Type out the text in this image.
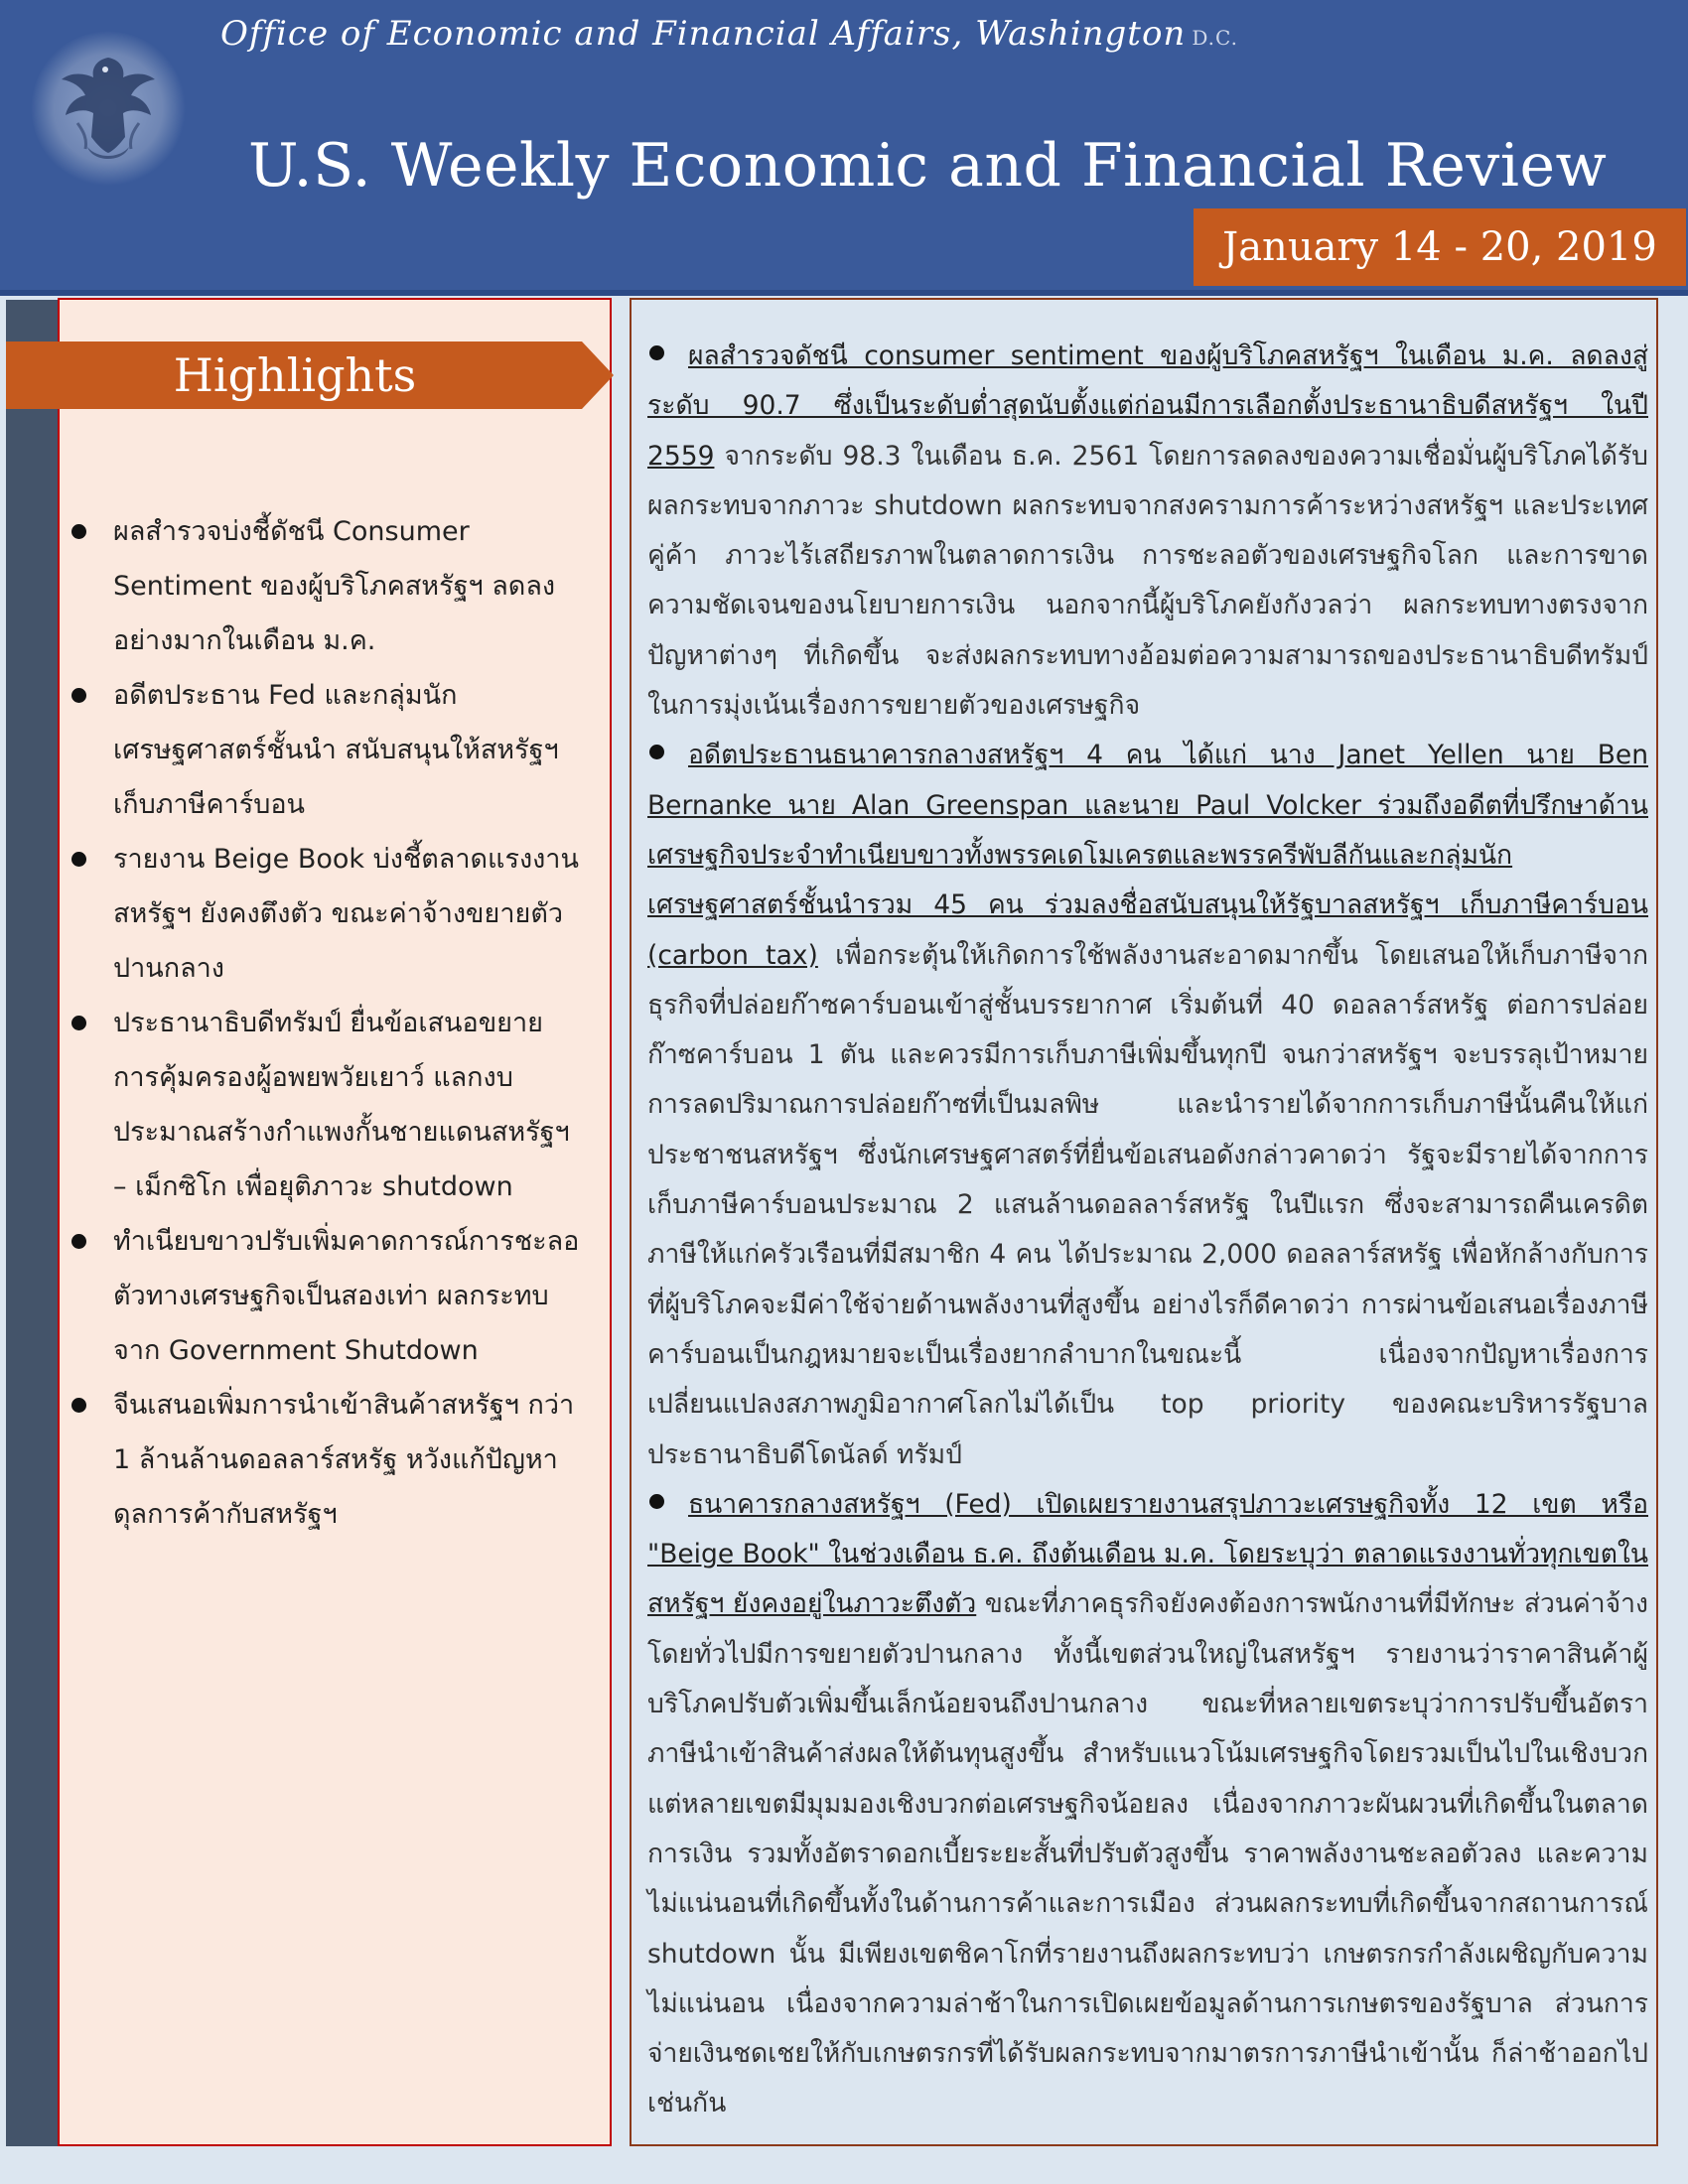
Office of Economic and Financial Affairs, Washington D.C.
U.S. Weekly Economic and Financial Review
January 14 - 20, 2019
Highlights
ผลสำรวจบ่งชี้ดัชนี Consumer Sentiment ของผู้บริโภคสหรัฐฯ ลดลงอย่างมากในเดือน ม.ค.
อดีตประธาน Fed และกลุ่มนักเศรษฐศาสตร์ชั้นนำ สนับสนุนให้สหรัฐฯ เก็บภาษีคาร์บอน
รายงาน Beige Book บ่งชี้ตลาดแรงงานสหรัฐฯ ยังคงตึงตัว ขณะค่าจ้างขยายตัวปานกลาง
ประธานาธิบดีทรัมป์ ยื่นข้อเสนอขยายการคุ้มครองผู้อพยพวัยเยาว์ แลกงบประมาณสร้างกำแพงกั้นชายแดนสหรัฐฯ – เม็กซิโก เพื่อยุติภาวะ shutdown
ทำเนียบขาวปรับเพิ่มคาดการณ์การชะลอตัวทางเศรษฐกิจเป็นสองเท่า ผลกระทบจาก Government Shutdown
จีนเสนอเพิ่มการนำเข้าสินค้าสหรัฐฯ กว่า 1 ล้านล้านดอลลาร์สหรัฐ หวังแก้ปัญหาดุลการค้ากับสหรัฐฯ

ผลสำรวจดัชนี consumer sentiment ของผู้บริโภคสหรัฐฯ ในเดือน ม.ค. ลดลงสู่ระดับ 90.7 ซึ่งเป็นระดับต่ำสุดนับตั้งแต่ก่อนมีการเลือกตั้งประธานาธิบดีสหรัฐฯ ในปี 2559 จากระดับ 98.3 ในเดือน ธ.ค. 2561 โดยการลดลงของความเชื่อมั่นผู้บริโภคได้รับผลกระทบจากภาวะ shutdown ผลกระทบจากสงครามการค้าระหว่างสหรัฐฯ และประเทศคู่ค้า ภาวะไร้เสถียรภาพในตลาดการเงิน การชะลอตัวของเศรษฐกิจโลก และการขาดความชัดเจนของนโยบายการเงิน นอกจากนี้ผู้บริโภคยังกังวลว่า ผลกระทบทางตรงจากปัญหาต่างๆ ที่เกิดขึ้น จะส่งผลกระทบทางอ้อมต่อความสามารถของประธานาธิบดีทรัมป์ ในการมุ่งเน้นเรื่องการขยายตัวของเศรษฐกิจ

อดีตประธานธนาคารกลางสหรัฐฯ 4 คน ได้แก่ นาง Janet Yellen นาย Ben Bernanke นาย Alan Greenspan และนาย Paul Volcker ร่วมถึงอดีตที่ปรึกษาด้านเศรษฐกิจประจำทำเนียบขาวทั้งพรรคเดโมเครตและพรรครีพับลีกันและกลุ่มนักเศรษฐศาสตร์ชั้นนำรวม 45 คน ร่วมลงชื่อสนับสนุนให้รัฐบาลสหรัฐฯ เก็บภาษีคาร์บอน (carbon tax) เพื่อกระตุ้นให้เกิดการใช้พลังงานสะอาดมากขึ้น โดยเสนอให้เก็บภาษีจากธุรกิจที่ปล่อยก๊าซคาร์บอนเข้าสู่ชั้นบรรยากาศ เริ่มต้นที่ 40 ดอลลาร์สหรัฐ ต่อการปล่อยก๊าซคาร์บอน 1 ตัน และควรมีการเก็บภาษีเพิ่มขึ้นทุกปี จนกว่าสหรัฐฯ จะบรรลุเป้าหมายการลดปริมาณการปล่อยก๊าซที่เป็นมลพิษ และนำรายได้จากการเก็บภาษีนั้นคืนให้แก่ประชาชนสหรัฐฯ ซึ่งนักเศรษฐศาสตร์ที่ยื่นข้อเสนอดังกล่าวคาดว่า รัฐจะมีรายได้จากการเก็บภาษีคาร์บอนประมาณ 2 แสนล้านดอลลาร์สหรัฐ ในปีแรก ซึ่งจะสามารถคืนเครดิตภาษีให้แก่ครัวเรือนที่มีสมาชิก 4 คน ได้ประมาณ 2,000 ดอลลาร์สหรัฐ เพื่อหักล้างกับการที่ผู้บริโภคจะมีค่าใช้จ่ายด้านพลังงานที่สูงขึ้น อย่างไรก็ดีคาดว่า การผ่านข้อเสนอเรื่องภาษีคาร์บอนเป็นกฎหมายจะเป็นเรื่องยากลำบากในขณะนี้ เนื่องจากปัญหาเรื่องการเปลี่ยนแปลงสภาพภูมิอากาศโลกไม่ได้เป็น top priority ของคณะบริหารรัฐบาลประธานาธิบดีโดนัลด์ ทรัมป์

ธนาคารกลางสหรัฐฯ (Fed) เปิดเผยรายงานสรุปภาวะเศรษฐกิจทั้ง 12 เขต หรือ "Beige Book" ในช่วงเดือน ธ.ค. ถึงต้นเดือน ม.ค. โดยระบุว่า ตลาดแรงงานทั่วทุกเขตในสหรัฐฯ ยังคงอยู่ในภาวะตึงตัว ขณะที่ภาคธุรกิจยังคงต้องการพนักงานที่มีทักษะ ส่วนค่าจ้างโดยทั่วไปมีการขยายตัวปานกลาง ทั้งนี้เขตส่วนใหญ่ในสหรัฐฯ รายงานว่าราคาสินค้าผู้บริโภคปรับตัวเพิ่มขึ้นเล็กน้อยจนถึงปานกลาง ขณะที่หลายเขตระบุว่าการปรับขึ้นอัตราภาษีนำเข้าสินค้าส่งผลให้ต้นทุนสูงขึ้น สำหรับแนวโน้มเศรษฐกิจโดยรวมเป็นไปในเชิงบวก แต่หลายเขตมีมุมมองเชิงบวกต่อเศรษฐกิจน้อยลง เนื่องจากภาวะผันผวนที่เกิดขึ้นในตลาดการเงิน รวมทั้งอัตราดอกเบี้ยระยะสั้นที่ปรับตัวสูงขึ้น ราคาพลังงานชะลอตัวลง และความไม่แน่นอนที่เกิดขึ้นทั้งในด้านการค้าและการเมือง ส่วนผลกระทบที่เกิดขึ้นจากสถานการณ์ shutdown นั้น มีเพียงเขตชิคาโกที่รายงานถึงผลกระทบว่า เกษตรกรกำลังเผชิญกับความไม่แน่นอน เนื่องจากความล่าช้าในการเปิดเผยข้อมูลด้านการเกษตรของรัฐบาล ส่วนการจ่ายเงินชดเชยให้กับเกษตรกรที่ได้รับผลกระทบจากมาตรการภาษีนำเข้านั้น ก็ล่าช้าออกไปเช่นกัน
